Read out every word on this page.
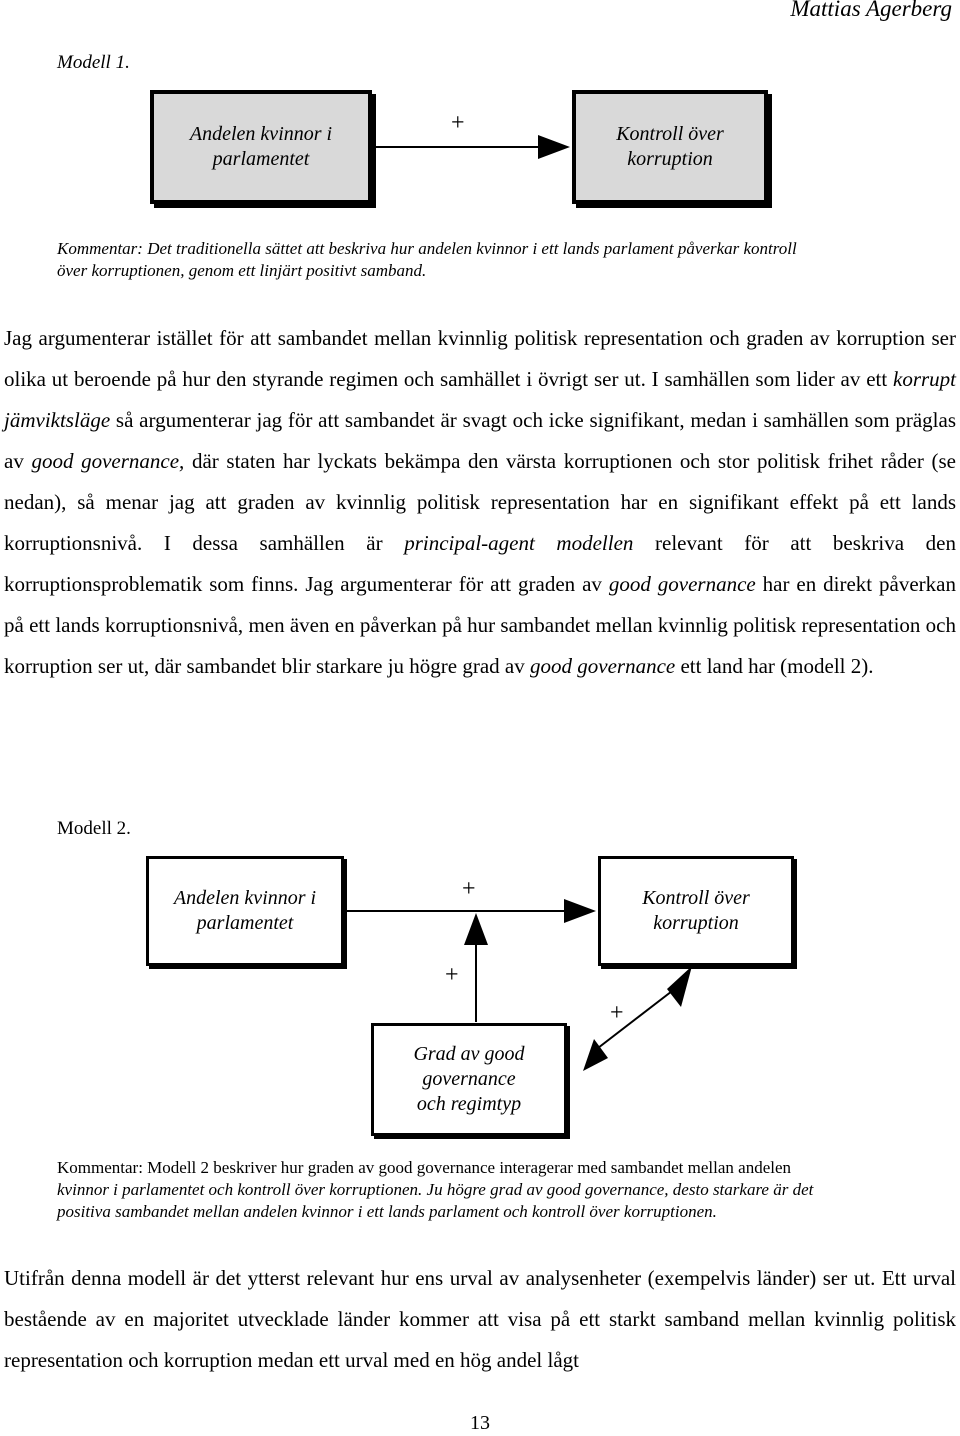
Mattias Agerberg
Modell 1.
Andelen kvinnor i
parlamentet
Kontroll över
korruption
+
Kommentar: Det traditionella sättet att beskriva hur andelen kvinnor i ett lands parlament påverkar kontroll
över korruptionen, genom ett linjärt positivt samband.

Jag argumenterar istället för att sambandet mellan kvinnlig politisk representation och graden av korruption ser olika ut beroende på hur den styrande regimen och samhället i övrigt ser ut. I samhällen som lider av ett korrupt jämviktsläge så argumenterar jag för att sambandet är svagt och icke signifikant, medan i samhällen som präglas av good governance, där staten har lyckats bekämpa den värsta korruptionen och stor politisk frihet råder (se nedan), så menar jag att graden av kvinnlig politisk representation har en signifikant effekt på ett lands korruptionsnivå. I dessa samhällen är principal-agent modellen relevant för att beskriva den korruptionsproblematik som finns. Jag argumenterar för att graden av good governance har en direkt påverkan på ett lands korruptionsnivå, men även en påverkan på hur sambandet mellan kvinnlig politisk representation och korruption ser ut, där sambandet blir starkare ju högre grad av good governance ett land har (modell 2).

Modell 2.
Andelen kvinnor i
parlamentet
Kontroll över
korruption
Grad av good
governance
och regimtyp
+
+
+
Kommentar: Modell 2 beskriver hur graden av good governance interagerar med sambandet mellan andelen
kvinnor i parlamentet och kontroll över korruptionen. Ju högre grad av good governance, desto starkare är det
positiva sambandet mellan andelen kvinnor i ett lands parlament och kontroll över korruptionen.

Utifrån denna modell är det ytterst relevant hur ens urval av analysenheter (exempelvis länder) ser ut. Ett urval bestående av en majoritet utvecklade länder kommer att visa på ett starkt samband mellan kvinnlig politisk representation och korruption medan ett urval med en hög andel lågt

13
